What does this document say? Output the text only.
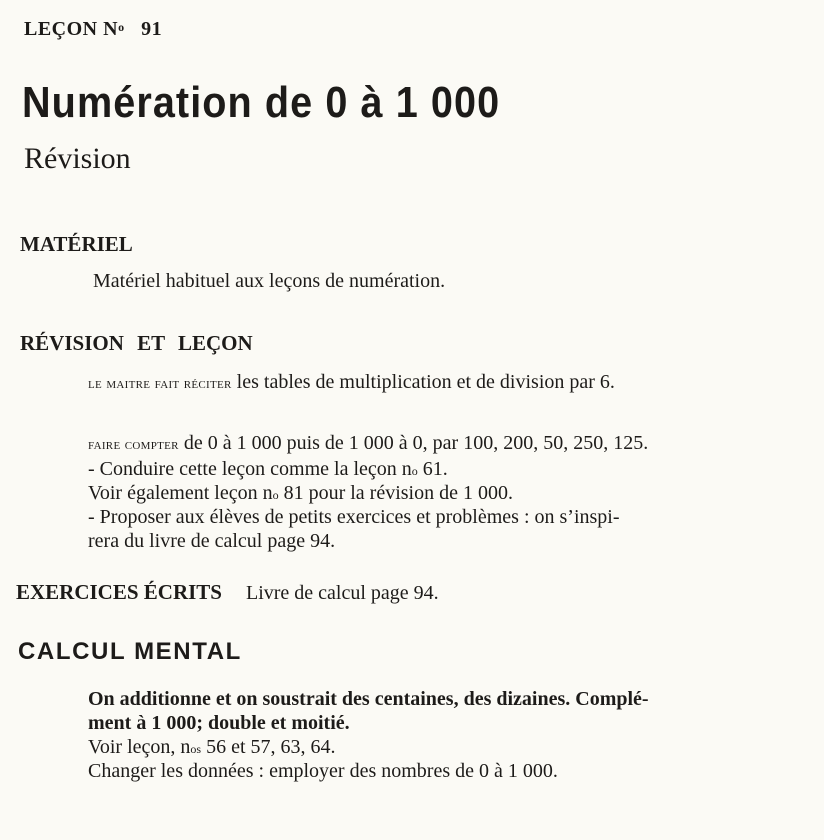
LEÇON $N^o$ 91
Numération de 0 à 1 000
Révision
MATÉRIEL
Matériel habituel aux leçons de numération.
RÉVISION ET LEÇON
le maitre fait réciter les tables de multiplication et de division par 6.
faire compter de 0 à 1 000 puis de 1 000 à 0, par 100, 200, 50, 250, 125.
- Conduire cette leçon comme la leçon $n^o$ 61.
Voir également leçon $n^o$ 81 pour la révision de 1 000.
- Proposer aux élèves de petits exercices et problèmes : on s’inspi-
rera du livre de calcul page 94.
EXERCICES ÉCRITS Livre de calcul page 94.
CALCUL MENTAL
On additionne et on soustrait des centaines, des dizaines. Complé-
ment à 1 000; double et moitié.
Voir leçon, $n^{os}$ 56 et 57, 63, 64.
Changer les données : employer des nombres de 0 à 1 000.
